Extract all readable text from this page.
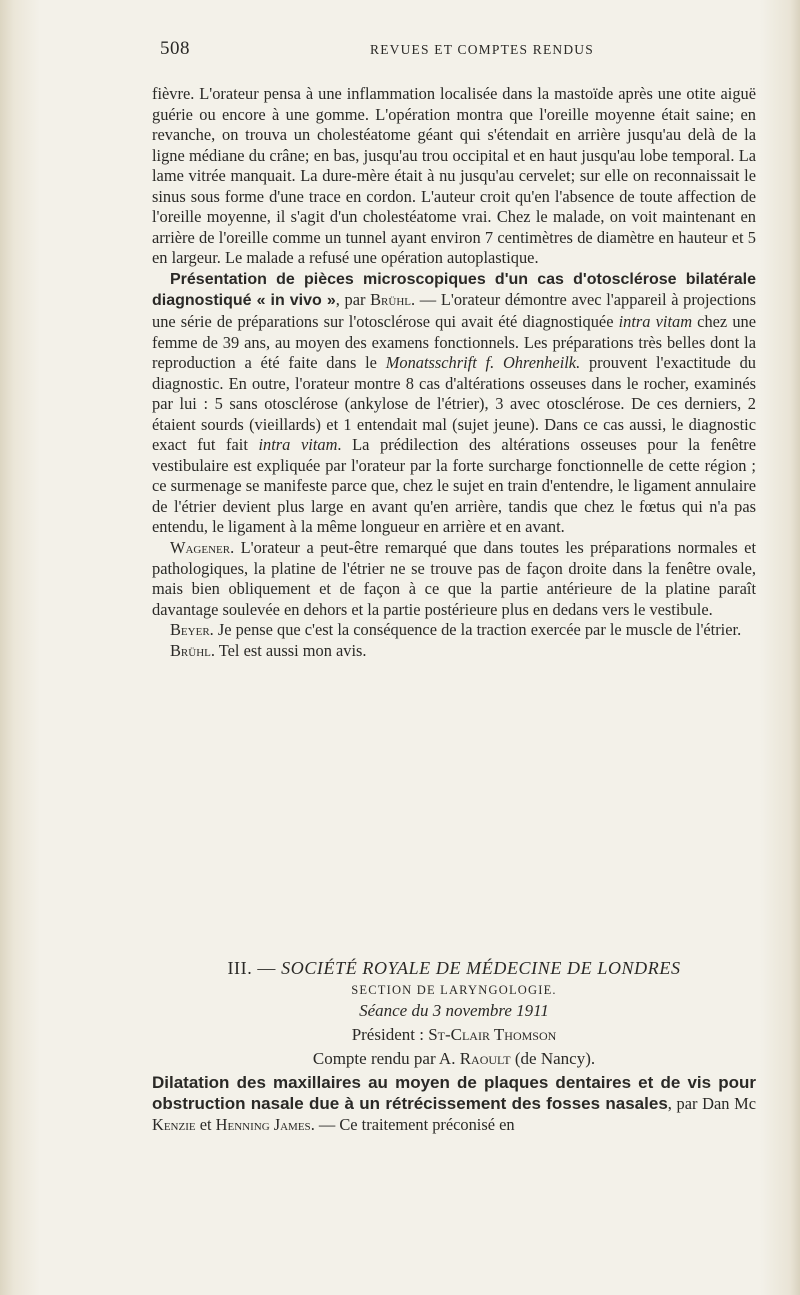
508	REVUES ET COMPTES RENDUS

fièvre. L'orateur pensa à une inflammation localisée dans la mastoïde après une otite aiguë guérie ou encore à une gomme. L'opération montra que l'oreille moyenne était saine; en revanche, on trouva un cholestéatome géant qui s'étendait en arrière jusqu'au delà de la ligne médiane du crâne; en bas, jusqu'au trou occipital et en haut jusqu'au lobe temporal. La lame vitrée manquait. La dure-mère était à nu jusqu'au cervelet; sur elle on reconnaissait le sinus sous forme d'une trace en cordon. L'auteur croit qu'en l'absence de toute affection de l'oreille moyenne, il s'agit d'un cholestéatome vrai. Chez le malade, on voit maintenant en arrière de l'oreille comme un tunnel ayant environ 7 centimètres de diamètre en hauteur et 5 en largeur. Le malade a refusé une opération autoplastique.

Présentation de pièces microscopiques d'un cas d'otosclérose bilatérale diagnostiqué « in vivo », par Brühl. — L'orateur démontre avec l'appareil à projections une série de préparations sur l'otosclérose qui avait été diagnostiquée intra vitam chez une femme de 39 ans, au moyen des examens fonctionnels. Les préparations très belles dont la reproduction a été faite dans le Monatsschrift f. Ohrenheilk. prouvent l'exactitude du diagnostic. En outre, l'orateur montre 8 cas d'altérations osseuses dans le rocher, examinés par lui : 5 sans otosclérose (ankylose de l'étrier), 3 avec otosclérose. De ces derniers, 2 étaient sourds (vieillards) et 1 entendait mal (sujet jeune). Dans ce cas aussi, le diagnostic exact fut fait intra vitam. La prédilection des altérations osseuses pour la fenêtre vestibulaire est expliquée par l'orateur par la forte surcharge fonctionnelle de cette région ; ce surmenage se manifeste parce que, chez le sujet en train d'entendre, le ligament annulaire de l'étrier devient plus large en avant qu'en arrière, tandis que chez le fœtus qui n'a pas entendu, le ligament à la même longueur en arrière et en avant.

Wagener. L'orateur a peut-être remarqué que dans toutes les préparations normales et pathologiques, la platine de l'étrier ne se trouve pas de façon droite dans la fenêtre ovale, mais bien obliquement et de façon à ce que la partie antérieure de la platine paraît davantage soulevée en dehors et la partie postérieure plus en dedans vers le vestibule.

Beyer. Je pense que c'est la conséquence de la traction exercée par le muscle de l'étrier.

Brühl. Tel est aussi mon avis.

III. — SOCIÉTÉ ROYALE DE MÉDECINE DE LONDRES
SECTION DE LARYNGOLOGIE.
Séance du 3 novembre 1911
Président : St-Clair Thomson
Compte rendu par A. Raoult (de Nancy).
Dilatation des maxillaires au moyen de plaques dentaires et de vis pour obstruction nasale due à un rétrécissement des fosses nasales, par Dan Mc Kenzie et Henning James. — Ce traitement préconisé en
